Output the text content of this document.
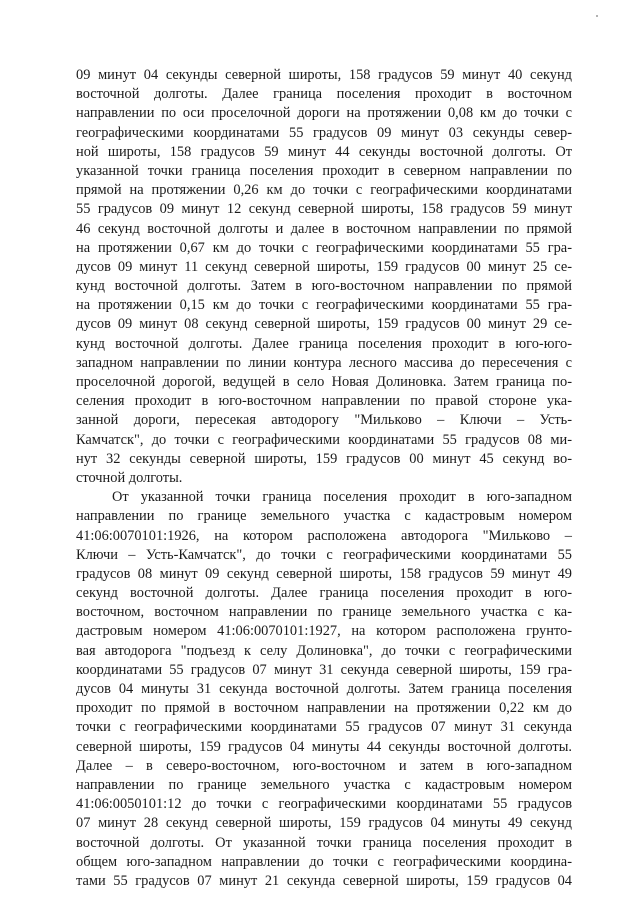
09 минут 04 секунды северной широты, 158 градусов 59 минут 40 секунд
восточной долготы. Далее граница поселения проходит в восточном
направлении по оси проселочной дороги на протяжении 0,08 км до точки с
географическими координатами 55 градусов 09 минут 03 секунды север-
ной широты, 158 градусов 59 минут 44 секунды восточной долготы. От
указанной точки граница поселения проходит в северном направлении по
прямой на протяжении 0,26 км до точки с географическими координатами
55 градусов 09 минут 12 секунд северной широты, 158 градусов 59 минут
46 секунд восточной долготы и далее в восточном направлении по прямой
на протяжении 0,67 км до точки с географическими координатами 55 гра-
дусов 09 минут 11 секунд северной широты, 159 градусов 00 минут 25 се-
кунд восточной долготы. Затем в юго-восточном направлении по прямой
на протяжении 0,15 км до точки с географическими координатами 55 гра-
дусов 09 минут 08 секунд северной широты, 159 градусов 00 минут 29 се-
кунд восточной долготы. Далее граница поселения проходит в юго-юго-
западном направлении по линии контура лесного массива до пересечения с
проселочной дорогой, ведущей в село Новая Долиновка. Затем граница по-
селения проходит в юго-восточном направлении по правой стороне ука-
занной дороги, пересекая автодорогу "Мильково – Ключи – Усть-
Камчатск", до точки с географическими координатами 55 градусов 08 ми-
нут 32 секунды северной широты, 159 градусов 00 минут 45 секунд во-
сточной долготы.
От указанной точки граница поселения проходит в юго-западном
направлении по границе земельного участка с кадастровым номером
41:06:0070101:1926, на котором расположена автодорога "Мильково –
Ключи – Усть-Камчатск", до точки с географическими координатами 55
градусов 08 минут 09 секунд северной широты, 158 градусов 59 минут 49
секунд восточной долготы. Далее граница поселения проходит в юго-
восточном, восточном направлении по границе земельного участка с ка-
дастровым номером 41:06:0070101:1927, на котором расположена грунто-
вая автодорога "подъезд к селу Долиновка", до точки с географическими
координатами 55 градусов 07 минут 31 секунда северной широты, 159 гра-
дусов 04 минуты 31 секунда восточной долготы. Затем граница поселения
проходит по прямой в восточном направлении на протяжении 0,22 км до
точки с географическими координатами 55 градусов 07 минут 31 секунда
северной широты, 159 градусов 04 минуты 44 секунды восточной долготы.
Далее – в северо-восточном, юго-восточном и затем в юго-западном
направлении по границе земельного участка с кадастровым номером
41:06:0050101:12 до точки с географическими координатами 55 градусов
07 минут 28 секунд северной широты, 159 градусов 04 минуты 49 секунд
восточной долготы. От указанной точки граница поселения проходит в
общем юго-западном направлении до точки с географическими координа-
тами 55 градусов 07 минут 21 секунда северной широты, 159 градусов 04
